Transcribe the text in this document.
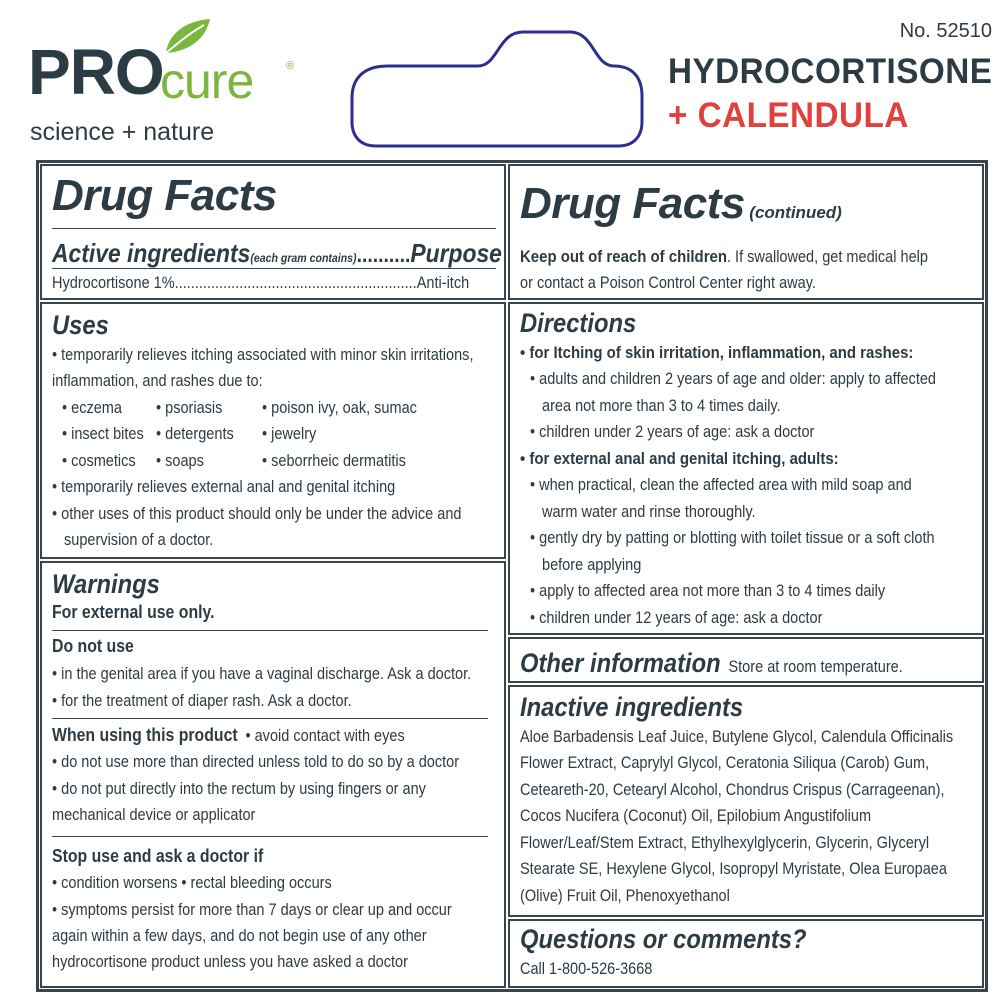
PRO
cure	®
science + nature
No. 52510
HYDROCORTISONE
+ CALENDULA
Drug Facts
Active ingredients(each gram contains)..........Purpose
Hydrocortisone 1%............................................................Anti-itch
Uses
• temporarily relieves itching associated with minor skin irritations,
inflammation, and rashes due to:
• eczema • psoriasis • poison ivy, oak, sumac
• insect bites • detergents • jewelry
• cosmetics • soaps	• seborrheic dermatitis
• temporarily relieves external anal and genital itching
• other uses of this product should only be under the advice and
supervision of a doctor.
Warnings
For external use only.
Do not use
• in the genital area if you have a vaginal discharge. Ask a doctor.
• for the treatment of diaper rash. Ask a doctor.
When using this product • avoid contact with eyes
• do not use more than directed unless told to do so by a doctor
• do not put directly into the rectum by using fingers or any
mechanical device or applicator
Stop use and ask a doctor if
• condition worsens • rectal bleeding occurs
• symptoms persist for more than 7 days or clear up and occur
again within a few days, and do not begin use of any other
hydrocortisone product unless you have asked a doctor
Drug Facts (continued)
Keep out of reach of children. If swallowed, get medical help
or contact a Poison Control Center right away.
Directions
• for Itching of skin irritation, inflammation, and rashes:
• adults and children 2 years of age and older: apply to affected
area not more than 3 to 4 times daily.
• children under 2 years of age: ask a doctor
• for external anal and genital itching, adults:
• when practical, clean the affected area with mild soap and
warm water and rinse thoroughly.
• gently dry by patting or blotting with toilet tissue or a soft cloth
before applying
• apply to affected area not more than 3 to 4 times daily
• children under 12 years of age: ask a doctor
Other information Store at room temperature.
Inactive ingredients
Aloe Barbadensis Leaf Juice, Butylene Glycol, Calendula Officinalis
Flower Extract, Caprylyl Glycol, Ceratonia Siliqua (Carob) Gum,
Ceteareth-20, Cetearyl Alcohol, Chondrus Crispus (Carrageenan),
Cocos Nucifera (Coconut) Oil, Epilobium Angustifolium
Flower/Leaf/Stem Extract, Ethylhexylglycerin, Glycerin, Glyceryl
Stearate SE, Hexylene Glycol, Isopropyl Myristate, Olea Europaea
(Olive) Fruit Oil, Phenoxyethanol
Questions or comments?
Call 1-800-526-3668
